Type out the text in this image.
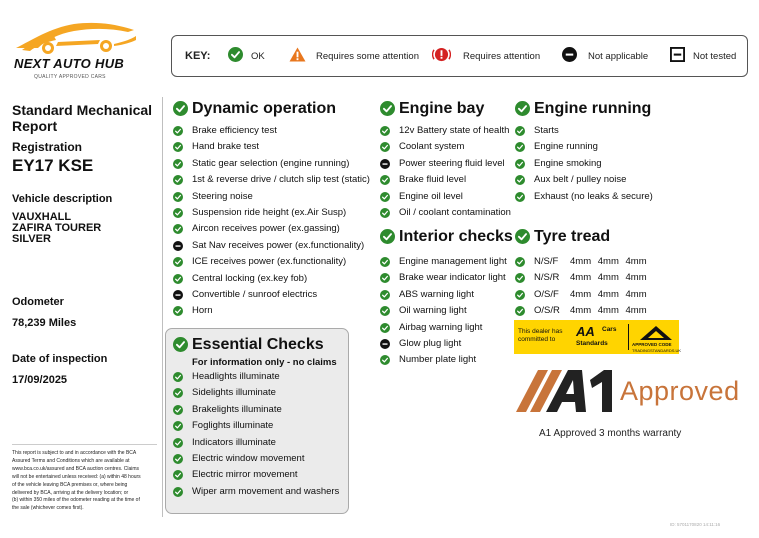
NEXT AUTO HUB
QUALITY APPROVED CARS
Standard Mechanical Report
Registration
EY17 KSE
Vehicle description
VAUXHALL
ZAFIRA TOURER
SILVER
Odometer
78,239 Miles
Date of inspection
17/09/2025
This report is subject to and in accordance with the BCA
Assured Terms and Conditions which are available at
www.bca.co.uk/assured and BCA auction centres. Claims
will not be entertained unless received: (a) within 48 hours
of the vehicle leaving BCA premises or, where being
delivered by BCA, arriving at the delivery location; or
(b) within 350 miles of the odometer reading at the time of
the sale (whichever comes first).
KEY:	OK	Requires some attention	Requires attention	Not applicable	Not tested
Dynamic operation
Brake efficiency test
Hand brake test
Static gear selection (engine running)
1st & reverse drive / clutch slip test (static)
Steering noise
Suspension ride height (ex.Air Susp)
Aircon receives power (ex.gassing)
Sat Nav receives power (ex.functionality)
ICE receives power (ex.functionality)
Central locking (ex.key fob)
Convertible / sunroof electrics
Horn
Engine bay
12v Battery state of health
Coolant system
Power steering fluid level
Brake fluid level
Engine oil level
Oil / coolant contamination
Engine running
Starts
Engine running
Engine smoking
Aux belt / pulley noise
Exhaust (no leaks & secure)
Interior checks
Engine management light
Brake wear indicator light
ABS warning light
Oil warning light
Airbag warning light
Glow plug light
Number plate light
Tyre tread
Essential Checks
Headlights illuminate
Sidelights illuminate
Brakelights illuminate
Foglights illuminate
Indicators illuminate
Electric window movement
Electric mirror movement
Wiper arm movement and washers
N/S/F 4mm 4mm 4mm
N/S/R 4mm 4mm 4mm
O/S/F 4mm 4mm 4mm
O/S/R 4mm 4mm 4mm
For information only - no claims
This dealer has committed to
AA Cars
Standards	APPROVED CODE
TRADINGSTANDARDS.UK
Approved
A1 Approved 3 months warranty
ID: 5701170820 14:11:16
